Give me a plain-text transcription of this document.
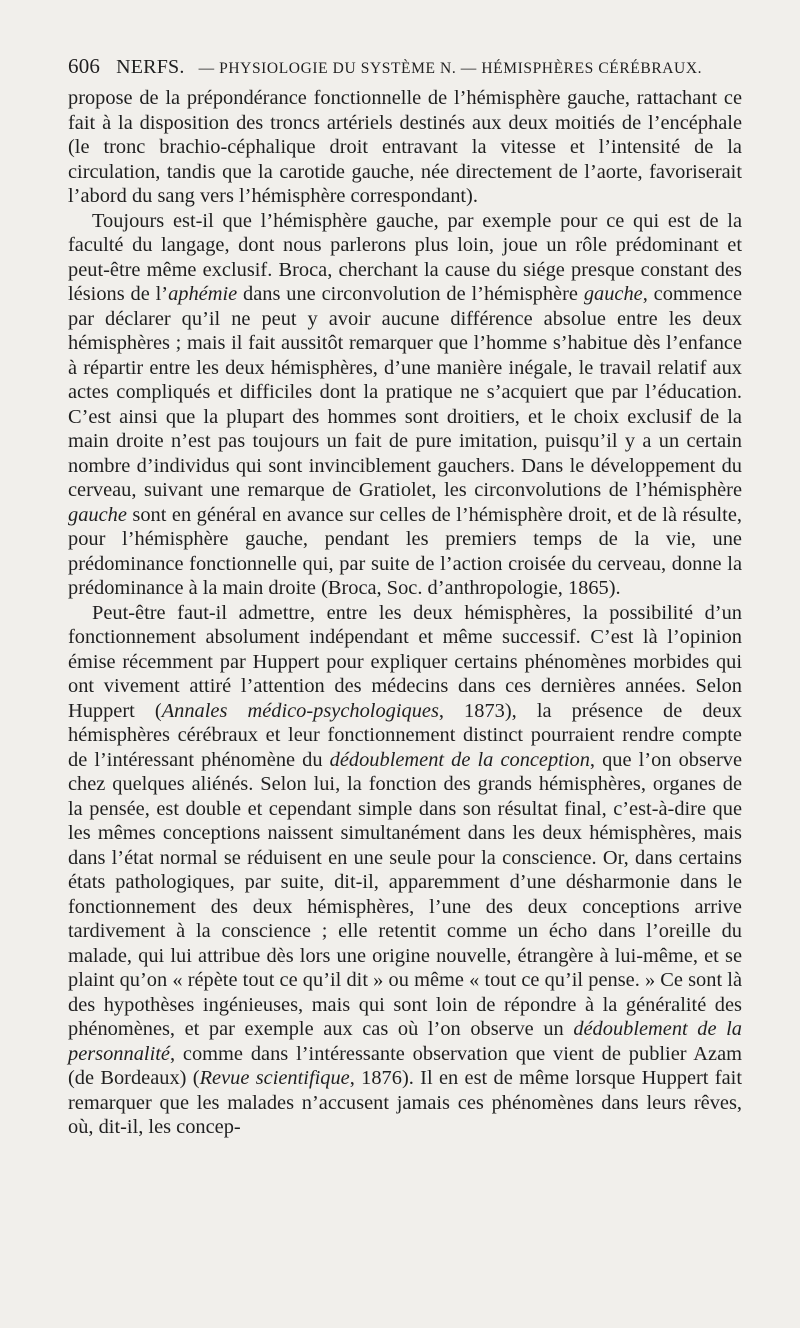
606 NERFS. — PHYSIOLOGIE DU SYSTÈME N. — HÉMISPHÈRES CÉRÉBRAUX.

propose de la prépondérance fonctionnelle de l’hémisphère gauche, rattachant ce fait à la disposition des troncs artériels destinés aux deux moitiés de l’encéphale (le tronc brachio-céphalique droit entravant la vitesse et l’intensité de la circulation, tandis que la carotide gauche, née directement de l’aorte, favoriserait l’abord du sang vers l’hémisphère correspondant).

Toujours est-il que l’hémisphère gauche, par exemple pour ce qui est de la faculté du langage, dont nous parlerons plus loin, joue un rôle prédominant et peut-être même exclusif. Broca, cherchant la cause du siége presque constant des lésions de l’aphémie dans une circonvolution de l’hémisphère gauche, commence par déclarer qu’il ne peut y avoir aucune différence absolue entre les deux hémisphères ; mais il fait aussitôt remarquer que l’homme s’habitue dès l’enfance à répartir entre les deux hémisphères, d’une manière inégale, le travail relatif aux actes compliqués et difficiles dont la pratique ne s’acquiert que par l’éducation. C’est ainsi que la plupart des hommes sont droitiers, et le choix exclusif de la main droite n’est pas toujours un fait de pure imitation, puisqu’il y a un certain nombre d’individus qui sont invinciblement gauchers. Dans le développement du cerveau, suivant une remarque de Gratiolet, les circonvolutions de l’hémisphère gauche sont en général en avance sur celles de l’hémisphère droit, et de là résulte, pour l’hémisphère gauche, pendant les premiers temps de la vie, une prédominance fonctionnelle qui, par suite de l’action croisée du cerveau, donne la prédominance à la main droite (Broca, Soc. d’anthropologie, 1865).

Peut-être faut-il admettre, entre les deux hémisphères, la possibilité d’un fonctionnement absolument indépendant et même successif. C’est là l’opinion émise récemment par Huppert pour expliquer certains phénomènes morbides qui ont vivement attiré l’attention des médecins dans ces dernières années. Selon Huppert (Annales médico-psychologiques, 1873), la présence de deux hémisphères cérébraux et leur fonctionnement distinct pourraient rendre compte de l’intéressant phénomène du dédoublement de la conception, que l’on observe chez quelques aliénés. Selon lui, la fonction des grands hémisphères, organes de la pensée, est double et cependant simple dans son résultat final, c’est-à-dire que les mêmes conceptions naissent simultanément dans les deux hémisphères, mais dans l’état normal se réduisent en une seule pour la conscience. Or, dans certains états pathologiques, par suite, dit-il, apparemment d’une désharmonie dans le fonctionnement des deux hémisphères, l’une des deux conceptions arrive tardivement à la conscience ; elle retentit comme un écho dans l’oreille du malade, qui lui attribue dès lors une origine nouvelle, étrangère à lui-même, et se plaint qu’on « répète tout ce qu’il dit » ou même « tout ce qu’il pense. » Ce sont là des hypothèses ingénieuses, mais qui sont loin de répondre à la généralité des phénomènes, et par exemple aux cas où l’on observe un dédoublement de la personnalité, comme dans l’intéressante observation que vient de publier Azam (de Bordeaux) (Revue scientifique, 1876). Il en est de même lorsque Huppert fait remarquer que les malades n’accusent jamais ces phénomènes dans leurs rêves, où, dit-il, les concep-
